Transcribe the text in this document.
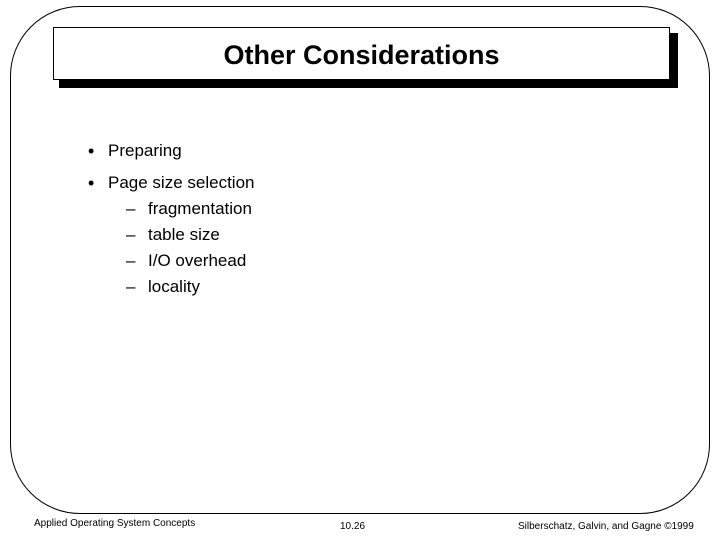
Other Considerations
• Preparing
• Page size selection
– fragmentation
– table size
– I/O overhead
– locality
Applied Operating System Concepts	10.26	Silberschatz, Galvin, and Gagne ©1999
